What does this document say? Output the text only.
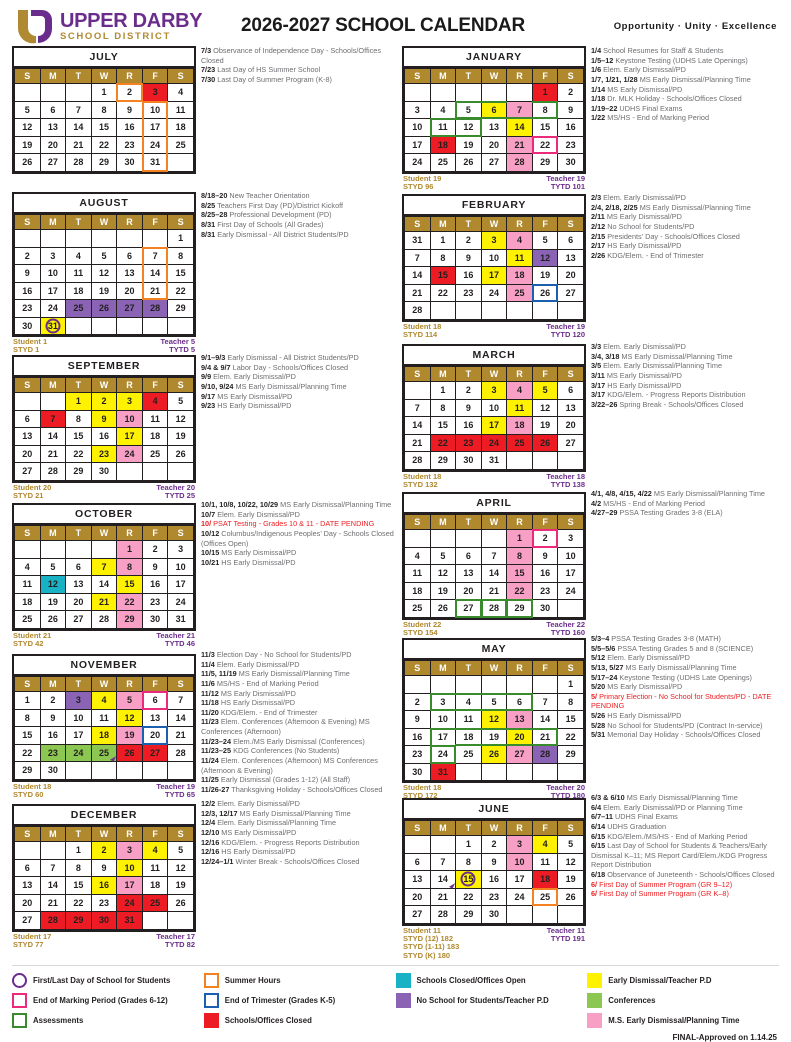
UPPER DARBY
SCHOOL DISTRICT
2026-2027 SCHOOL CALENDAR	Opportunity · Unity · Excellence
JULY
S	M	T	W	R	F	S
			1	2	3	4
5	6	7	8	9	10	11
12	13	14	15	16	17	18
19	20	21	22	23	24	25
26	27	28	29	30	31

AUGUST
S	M	T	W	R	F	S
						1
2	3	4	5	6	7	8
9	10	11	12	13	14	15
16	17	18	19	20	21	22
23	24	25	26	27	28	29
30	31

Student 1
STYD 1
Teacher 5
TYTD 5
SEPTEMBER
S	M	T	W	R	F	S
		1	2	3	4	5
6	7	8	9	10	11	12
13	14	15	16	17	18	19
20	21	22	23	24	25	26
27	28	29	30			
Student 20
STYD 21
Teacher 20
TYTD 25
OCTOBER
S	M	T	W	R	F	S
				1	2	3
4	5	6	7	8	9	10
11	12	13	14	15	16	17
18	19	20	21	22	23	24
25	26	27	28	29	30	31
Student 21
STYD 42
Teacher 21
TYTD 46
NOVEMBER
S	M	T	W	R	F	S
1	2	3	4	5	6	7
8	9	10	11	12	13	14
15	16	17	18	19	20	21
22	23	24	25	26	27	28
29	30					
Student 18
STYD 60
Teacher 19
TYTD 65
DECEMBER
S	M	T	W	R	F	S
		1	2	3	4	5
6	7	8	9	10	11	12
13	14	15	16	17	18	19
20	21	22	23	24	25	26
27	28	29	30	31		
Student 17
STYD 77
Teacher 17
TYTD 82

7/3 Observance of Independence Day - Schools/Offices Closed

7/23 Last Day of HS Summer School

7/30 Last Day of Summer Program (K-8)

8/18–20 New Teacher Orientation

8/25 Teachers First Day (PD)/District Kickoff

8/25–28 Professional Development (PD)

8/31 First Day of Schools (All Grades)

8/31 Early Dismissal - All District Students/PD

9/1–9/3 Early Dismissal - All District Students/PD

9/4 & 9/7 Labor Day - Schools/Offices Closed

9/9 Elem. Early Dismissal/PD

9/10, 9/24 MS Early Dismissal/Planning Time

9/17 MS Early Dismissal/PD

9/23 HS Early Dismissal/PD

10/1, 10/8, 10/22, 10/29 MS Early Dismissal/Planning Time

10/7 Elem. Early Dismissal/PD

10/ PSAT Testing - Grades 10 & 11 - DATE PENDING

10/12 Columbus/Indigenous Peoples’ Day - Schools Closed (Offices Open)

10/15 MS Early Dismissal/PD

10/21 HS Early Dismissal/PD

11/3 Election Day - No School for Students/PD

11/4 Elem. Early Dismissal/PD

11/5, 11/19 MS Early Dismissal/Planning Time

11/6 MS/HS - End of Marking Period

11/12 MS Early Dismissal/PD

11/18 HS Early Dismissal/PD

11/20 KDG/Elem. - End of Trimester

11/23 Elem. Conferences (Afternoon & Evening) MS Conferences (Afternoon)

11/23–24 Elem./MS Early Dismissal (Conferences)

11/23–25 KDG Conferences (No Students)

11/24 Elem. Conferences (Afternoon) MS Conferences (Afternoon & Evening)

11/25 Early Dismissal (Grades 1-12) (All Staff)

11/26-27 Thanksgiving Holiday - Schools/Offices Closed

12/2 Elem. Early Dismissal/PD

12/3, 12/17 MS Early Dismissal/Planning Time

12/4 Elem. Early Dismissal/Planning Time

12/10 MS Early Dismissal/PD

12/16 KDG/Elem. - Progress Reports Distribution

12/16 HS Early Dismissal/PD

12/24–1/1 Winter Break - Schools/Offices Closed

JANUARY
S	M	T	W	R	F	S
					1	2
3	4	5	6	7	8	9
10	11	12	13	14	15	16
17	18	19	20	21	22	23
24	25	26	27	28	29	30
Student 19
STYD 96
Teacher 19
TYTD 101
FEBRUARY
S	M	T	W	R	F	S
31	1	2	3	4	5	6
7	8	9	10	11	12	13
14	15	16	17	18	19	20
21	22	23	24	25	26	27
28						
Student 18
STYD 114
Teacher 19
TYTD 120
MARCH
S	M	T	W	R	F	S
	1	2	3	4	5	6
7	8	9	10	11	12	13
14	15	16	17	18	19	20
21	22	23	24	25	26	27
28	29	30	31			
Student 18
STYD 132
Teacher 18
TYTD 138
APRIL
S	M	T	W	R	F	S
				1	2	3
4	5	6	7	8	9	10
11	12	13	14	15	16	17
18	19	20	21	22	23	24
25	26	27	28	29	30	
Student 22
STYD 154
Teacher 22
TYTD 160
MAY
S	M	T	W	R	F	S
						1
2	3	4	5	6	7	8
9	10	11	12	13	14	15
16	17	18	19	20	21	22
23	24	25	26	27	28	29
30	31					
Student 18
STYD 172
Teacher 20
TYTD 180
JUNE
S	M	T	W	R	F	S
		1	2	3	4	5
6	7	8	9	10	11	12
13	14	15	16	17	18	19
20	21	22	23	24	25	26
27	28	29	30			
Student 11
STYD (12) 182
STYD (1-11) 183
STYD (K) 180
Teacher 11
TYTD 191

1/4 School Resumes for Staff & Students

1/5–12 Keystone Testing (UDHS Late Openings)

1/6 Elem. Early Dismissal/PD

1/7, 1/21, 1/28 MS Early Dismissal/Planning Time

1/14 MS Early Dismissal/PD

1/18 Dr. MLK Holiday - Schools/Offices Closed

1/19–22 UDHS Final Exams

1/22 MS/HS - End of Marking Period

2/3 Elem. Early Dismissal/PD

2/4, 2/18, 2/25 MS Early Dismissal/Planning Time

2/11 MS Early Dismissal/PD

2/12 No School for Students/PD

2/15 Presidents’ Day - Schools/Offices Closed

2/17 HS Early Dismissal/PD

2/26 KDG/Elem. - End of Trimester

3/3 Elem. Early Dismissal/PD

3/4, 3/18 MS Early Dismissal/Planning Time

3/5 Elem. Early Dismissal/Planning Time

3/11 MS Early Dismissal/PD

3/17 HS Early Dismissal/PD

3/17 KDG/Elem. - Progress Reports Distribution

3/22–26 Spring Break - Schools/Offices Closed

4/1, 4/8, 4/15, 4/22 MS Early Dismissal/Planning Time

4/2 MS/HS - End of Marking Period

4/27–29 PSSA Testing Grades 3-8 (ELA)

5/3–4 PSSA Testing Grades 3-8 (MATH)

5/5–5/6 PSSA Testing Grades 5 and 8 (SCIENCE)

5/12 Elem. Early Dismissal/PD

5/13, 5/27 MS Early Dismissal/Planning Time

5/17–24 Keystone Testing (UDHS Late Openings)

5/20 MS Early Dismissal/PD

5/ Primary Election - No School for Students/PD - DATE PENDING

5/26 HS Early Dismissal/PD

5/28 No School for Students/PD (Contract In-service)

5/31 Memorial Day Holiday - Schools/Offices Closed

6/3 & 6/10 MS Early Dismissal/Planning Time

6/4 Elem. Early Dismissal/PD or Planning Time

6/7–11 UDHS Final Exams

6/14 UDHS Graduation

6/15 KDG/Elem./MS/HS - End of Marking Period

6/15 Last Day of School for Students & Teachers/Early Dismissal K–11; MS Report Card/Elem./KDG Progress Report Distribution

6/18 Observance of Juneteenth - Schools/Offices Closed

6/ First Day of Summer Program (GR 9–12)

6/ First Day of Summer Program (GR K–8)

First/Last Day of School for Students
End of Marking Period (Grades 6-12)
Assessments
Summer Hours
End of Trimester (Grades K-5)
Schools/Offices Closed
Schools Closed/Offices Open
No School for Students/Teacher P.D
Early Dismissal/Teacher P.D
Conferences
M.S. Early Dismissal/Planning Time
FINAL-Approved on 1.14.25
